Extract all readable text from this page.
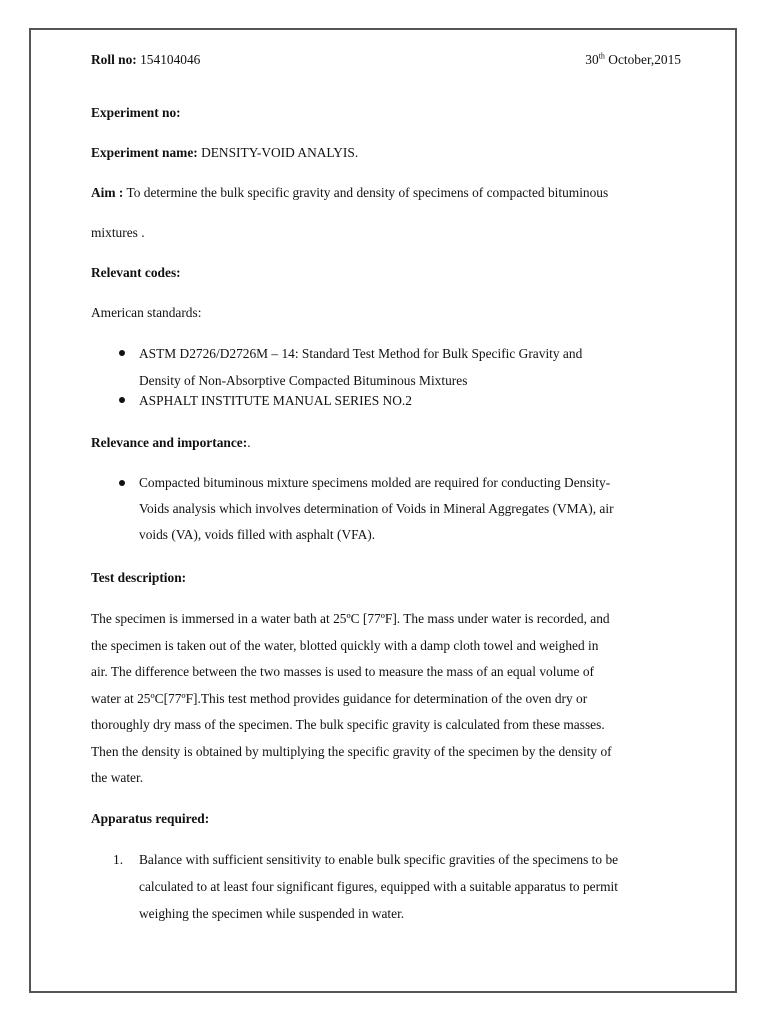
Roll no: 154104046	30th October,2015
Experiment no:
Experiment name: DENSITY-VOID ANALYIS.
Aim : To determine the bulk specific gravity and density of specimens of compacted bituminous
mixtures .
Relevant codes:
American standards:
ASTM D2726/D2726M – 14: Standard Test Method for Bulk Specific Gravity and
Density of Non-Absorptive Compacted Bituminous Mixtures
ASPHALT INSTITUTE MANUAL SERIES NO.2
Relevance and importance:.
Compacted bituminous mixture specimens molded are required for conducting Density-
Voids analysis which involves determination of Voids in Mineral Aggregates (VMA), air
voids (VA), voids filled with asphalt (VFA).
Test description:
The specimen is immersed in a water bath at 25ºC [77ºF]. The mass under water is recorded, and
the specimen is taken out of the water, blotted quickly with a damp cloth towel and weighed in
air. The difference between the two masses is used to measure the mass of an equal volume of
water at 25ºC[77ºF].This test method provides guidance for determination of the oven dry or
thoroughly dry mass of the specimen. The bulk specific gravity is calculated from these masses.
Then the density is obtained by multiplying the specific gravity of the specimen by the density of
the water.
Apparatus required:
1. Balance with sufficient sensitivity to enable bulk specific gravities of the specimens to be
calculated to at least four significant figures, equipped with a suitable apparatus to permit
weighing the specimen while suspended in water.
